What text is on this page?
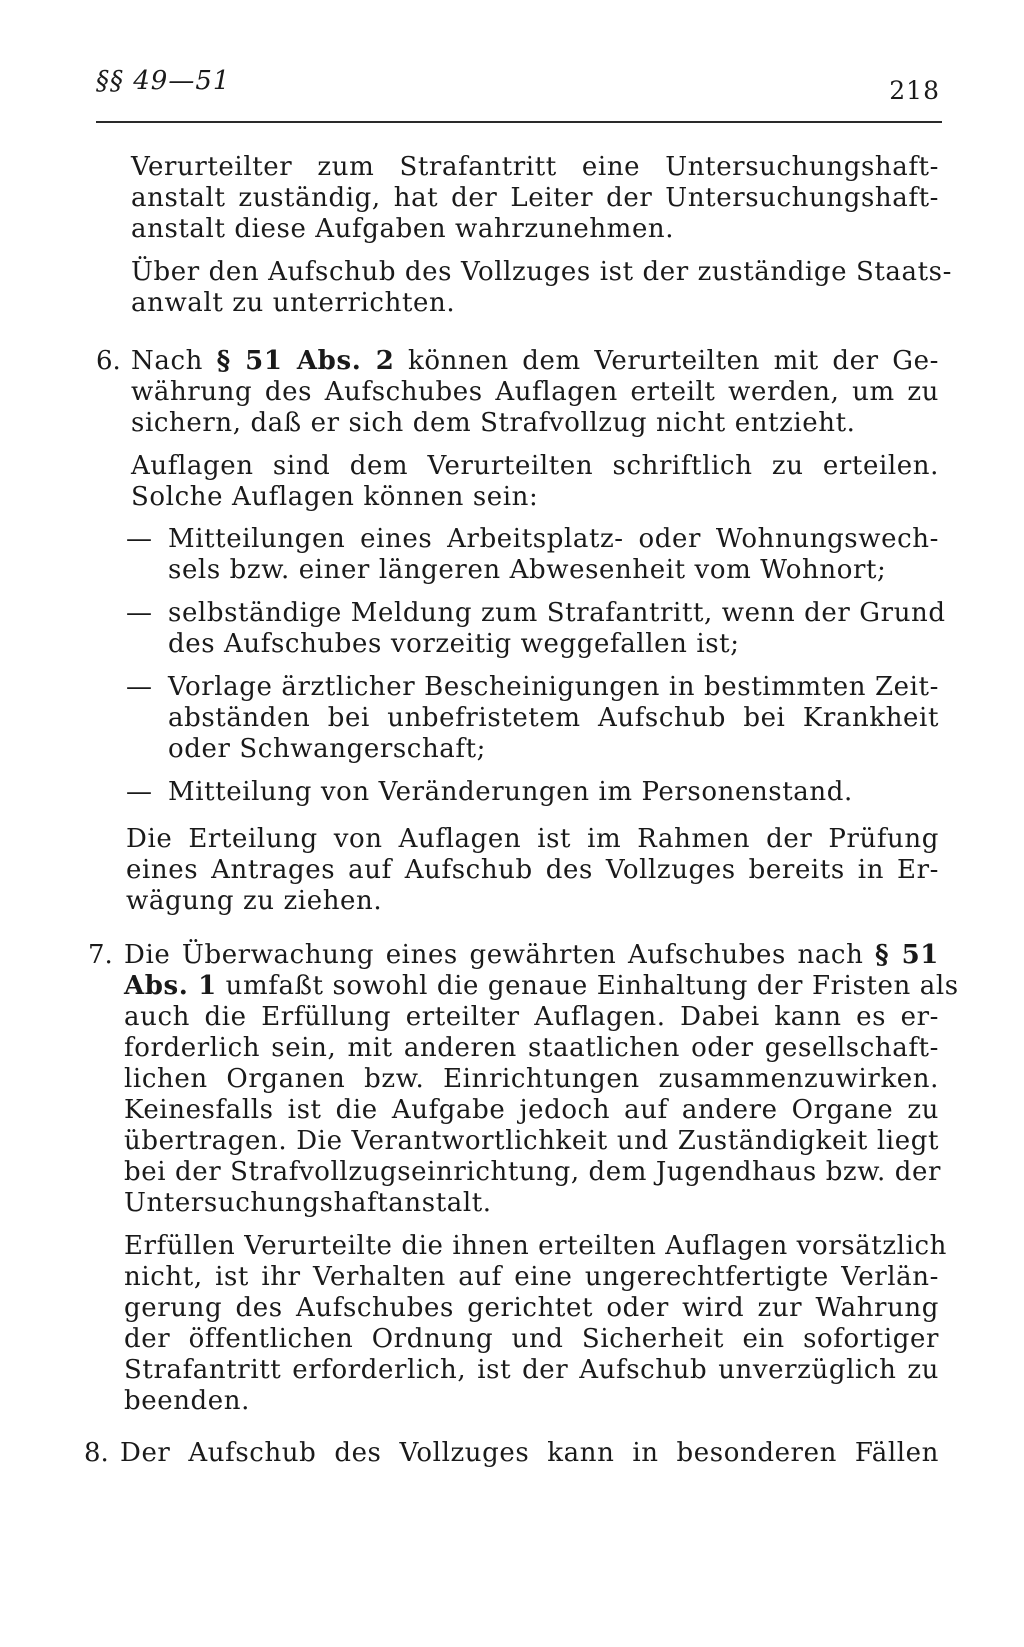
§§ 49—51	218
Verurteilter zum Strafantritt eine Untersuchungshaft-
anstalt zuständig, hat der Leiter der Untersuchungshaft-
anstalt diese Aufgaben wahrzunehmen.
Über den Aufschub des Vollzuges ist der zuständige Staats-
anwalt zu unterrichten.
6. Nach § 51 Abs. 2 können dem Verurteilten mit der Ge-
währung des Aufschubes Auflagen erteilt werden, um zu
sichern, daß er sich dem Strafvollzug nicht entzieht.
Auflagen sind dem Verurteilten schriftlich zu erteilen.
Solche Auflagen können sein:
— Mitteilungen eines Arbeitsplatz- oder Wohnungswech-
sels bzw. einer längeren Abwesenheit vom Wohnort;
— selbständige Meldung zum Strafantritt, wenn der Grund
des Aufschubes vorzeitig weggefallen ist;
— Vorlage ärztlicher Bescheinigungen in bestimmten Zeit-
abständen bei unbefristetem Aufschub bei Krankheit
oder Schwangerschaft;
— Mitteilung von Veränderungen im Personenstand.
Die Erteilung von Auflagen ist im Rahmen der Prüfung
eines Antrages auf Aufschub des Vollzuges bereits in Er-
wägung zu ziehen.
7. Die Überwachung eines gewährten Aufschubes nach § 51
Abs. 1 umfaßt sowohl die genaue Einhaltung der Fristen als
auch die Erfüllung erteilter Auflagen. Dabei kann es er-
forderlich sein, mit anderen staatlichen oder gesellschaft-
lichen Organen bzw. Einrichtungen zusammenzuwirken.
Keinesfalls ist die Aufgabe jedoch auf andere Organe zu
übertragen. Die Verantwortlichkeit und Zuständigkeit liegt
bei der Strafvollzugseinrichtung, dem Jugendhaus bzw. der
Untersuchungshaftanstalt.
Erfüllen Verurteilte die ihnen erteilten Auflagen vorsätzlich
nicht, ist ihr Verhalten auf eine ungerechtfertigte Verlän-
gerung des Aufschubes gerichtet oder wird zur Wahrung
der öffentlichen Ordnung und Sicherheit ein sofortiger
Strafantritt erforderlich, ist der Aufschub unverzüglich zu
beenden.
8. Der Aufschub des Vollzuges kann in besonderen Fällen
